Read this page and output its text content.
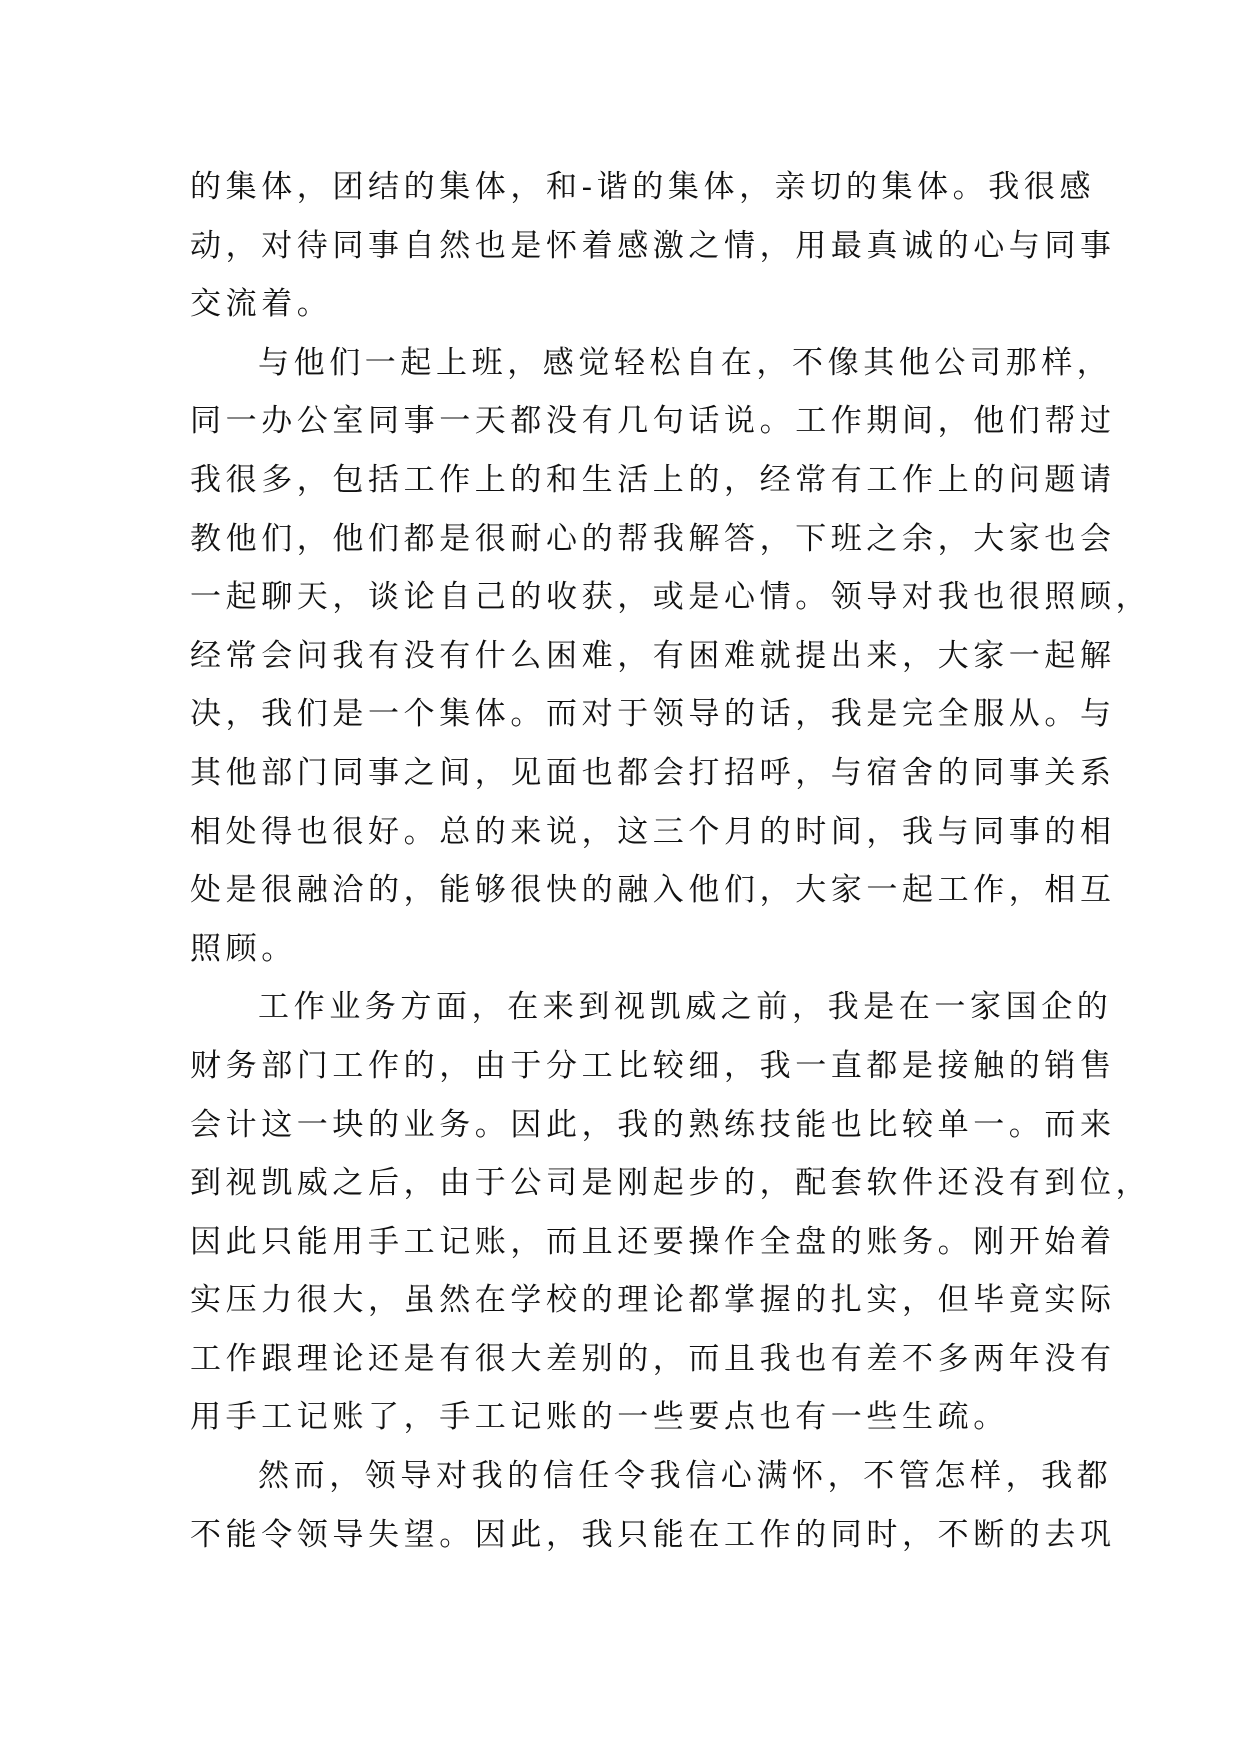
的集体，团结的集体，和-谐的集体，亲切的集体。我很感
动，对待同事自然也是怀着感激之情，用最真诚的心与同事
交流着。
与他们一起上班，感觉轻松自在，不像其他公司那样，
同一办公室同事一天都没有几句话说。工作期间，他们帮过
我很多，包括工作上的和生活上的，经常有工作上的问题请
教他们，他们都是很耐心的帮我解答，下班之余，大家也会
一起聊天，谈论自己的收获，或是心情。领导对我也很照顾，
经常会问我有没有什么困难，有困难就提出来，大家一起解
决，我们是一个集体。而对于领导的话，我是完全服从。与
其他部门同事之间，见面也都会打招呼，与宿舍的同事关系
相处得也很好。总的来说，这三个月的时间，我与同事的相
处是很融洽的，能够很快的融入他们，大家一起工作，相互
照顾。
工作业务方面，在来到视凯威之前，我是在一家国企的
财务部门工作的，由于分工比较细，我一直都是接触的销售
会计这一块的业务。因此，我的熟练技能也比较单一。而来
到视凯威之后，由于公司是刚起步的，配套软件还没有到位，
因此只能用手工记账，而且还要操作全盘的账务。刚开始着
实压力很大，虽然在学校的理论都掌握的扎实，但毕竟实际
工作跟理论还是有很大差别的，而且我也有差不多两年没有
用手工记账了，手工记账的一些要点也有一些生疏。
然而，领导对我的信任令我信心满怀，不管怎样，我都
不能令领导失望。因此，我只能在工作的同时，不断的去巩
